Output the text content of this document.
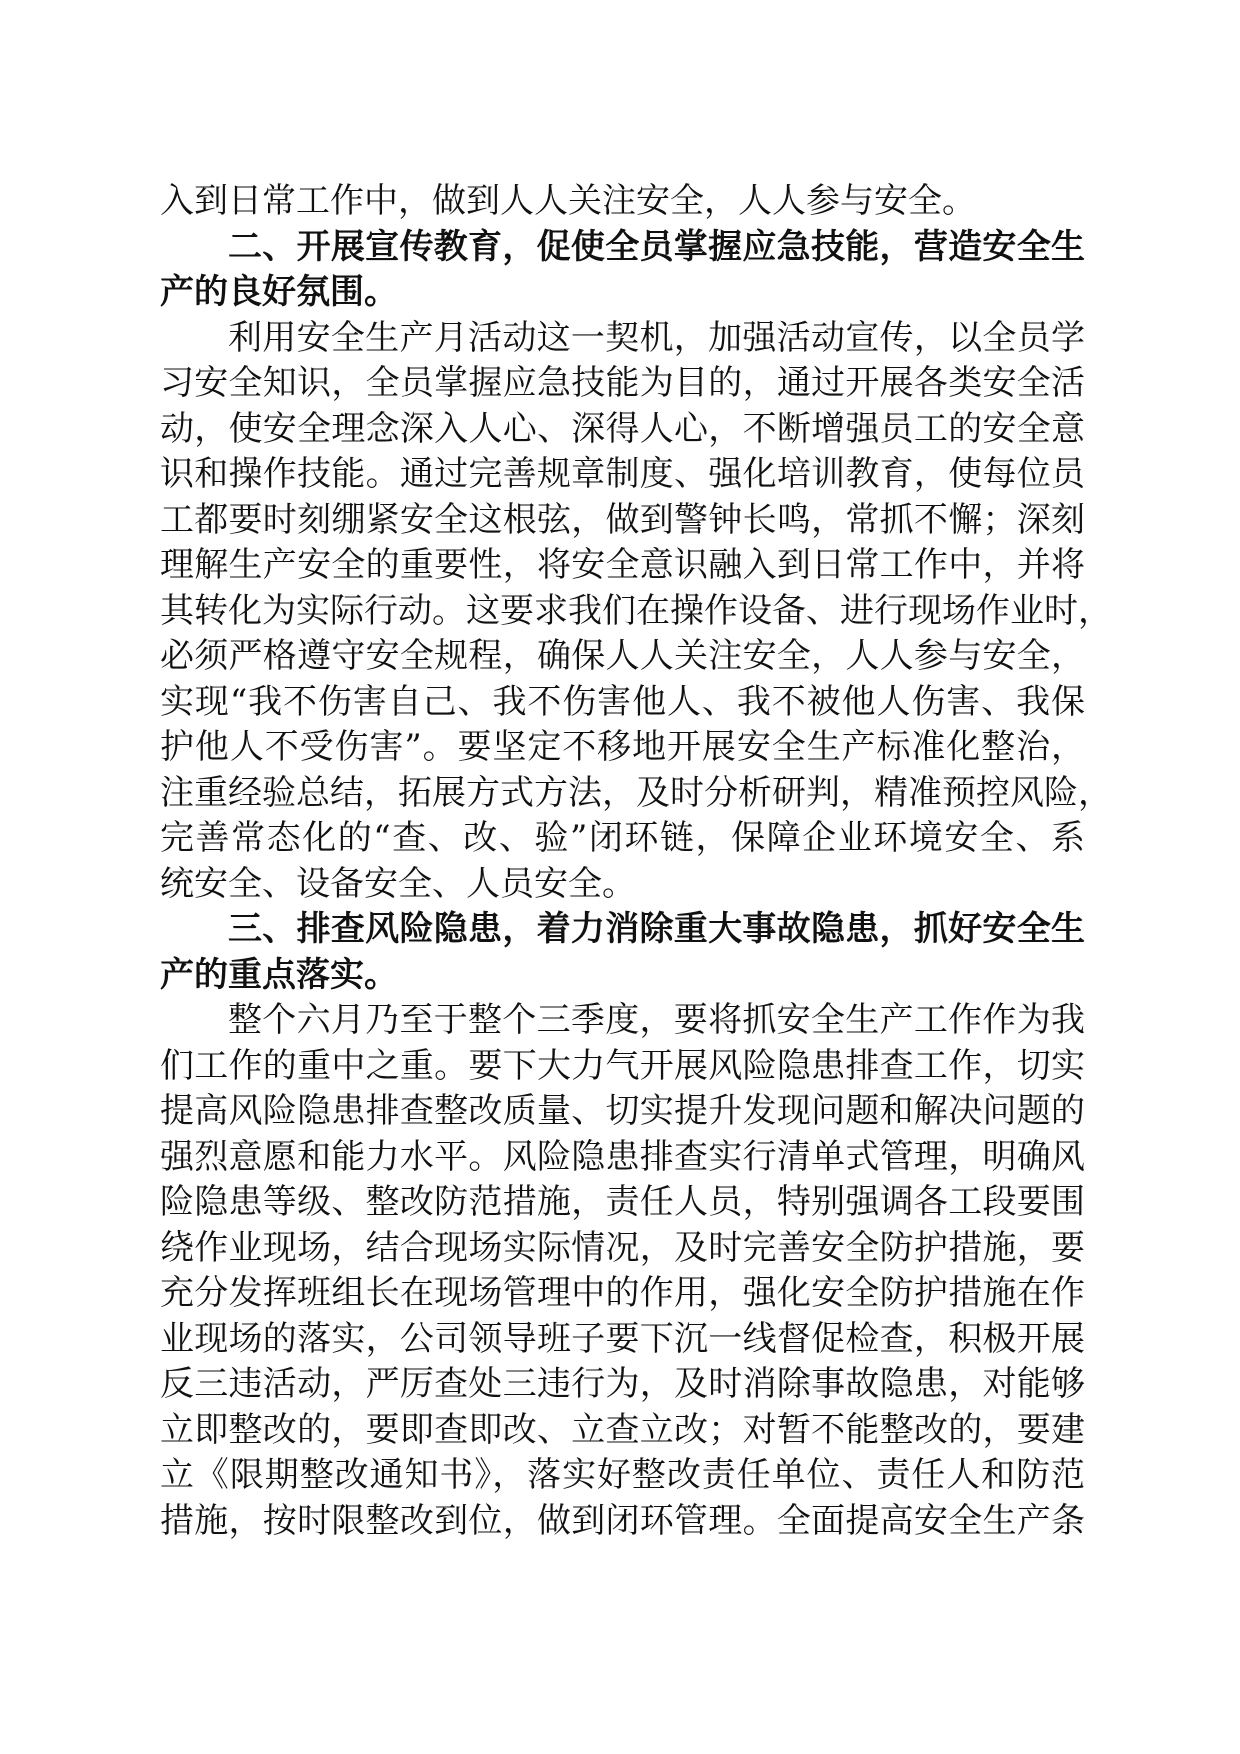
入到日常工作中，做到人人关注安全，人人参与安全。
二、开展宣传教育，促使全员掌握应急技能，营造安全生
产的良好氛围。
利用安全生产月活动这一契机，加强活动宣传，以全员学
习安全知识，全员掌握应急技能为目的，通过开展各类安全活
动，使安全理念深入人心、深得人心，不断增强员工的安全意
识和操作技能。通过完善规章制度、强化培训教育，使每位员
工都要时刻绷紧安全这根弦，做到警钟长鸣，常抓不懈；深刻
理解生产安全的重要性，将安全意识融入到日常工作中，并将
其转化为实际行动。这要求我们在操作设备、进行现场作业时，
必须严格遵守安全规程，确保人人关注安全，人人参与安全，
实现“我不伤害自己、我不伤害他人、我不被他人伤害、我保
护他人不受伤害”。要坚定不移地开展安全生产标准化整治，
注重经验总结，拓展方式方法，及时分析研判，精准预控风险，
完善常态化的“查、改、验”闭环链，保障企业环境安全、系
统安全、设备安全、人员安全。
三、排查风险隐患，着力消除重大事故隐患，抓好安全生
产的重点落实。
整个六月乃至于整个三季度，要将抓安全生产工作作为我
们工作的重中之重。要下大力气开展风险隐患排查工作，切实
提高风险隐患排查整改质量、切实提升发现问题和解决问题的
强烈意愿和能力水平。风险隐患排查实行清单式管理，明确风
险隐患等级、整改防范措施，责任人员，特别强调各工段要围
绕作业现场，结合现场实际情况，及时完善安全防护措施，要
充分发挥班组长在现场管理中的作用，强化安全防护措施在作
业现场的落实，公司领导班子要下沉一线督促检查，积极开展
反三违活动，严厉查处三违行为，及时消除事故隐患，对能够
立即整改的，要即查即改、立查立改；对暂不能整改的，要建
立《限期整改通知书》，落实好整改责任单位、责任人和防范
措施，按时限整改到位，做到闭环管理。全面提高安全生产条
